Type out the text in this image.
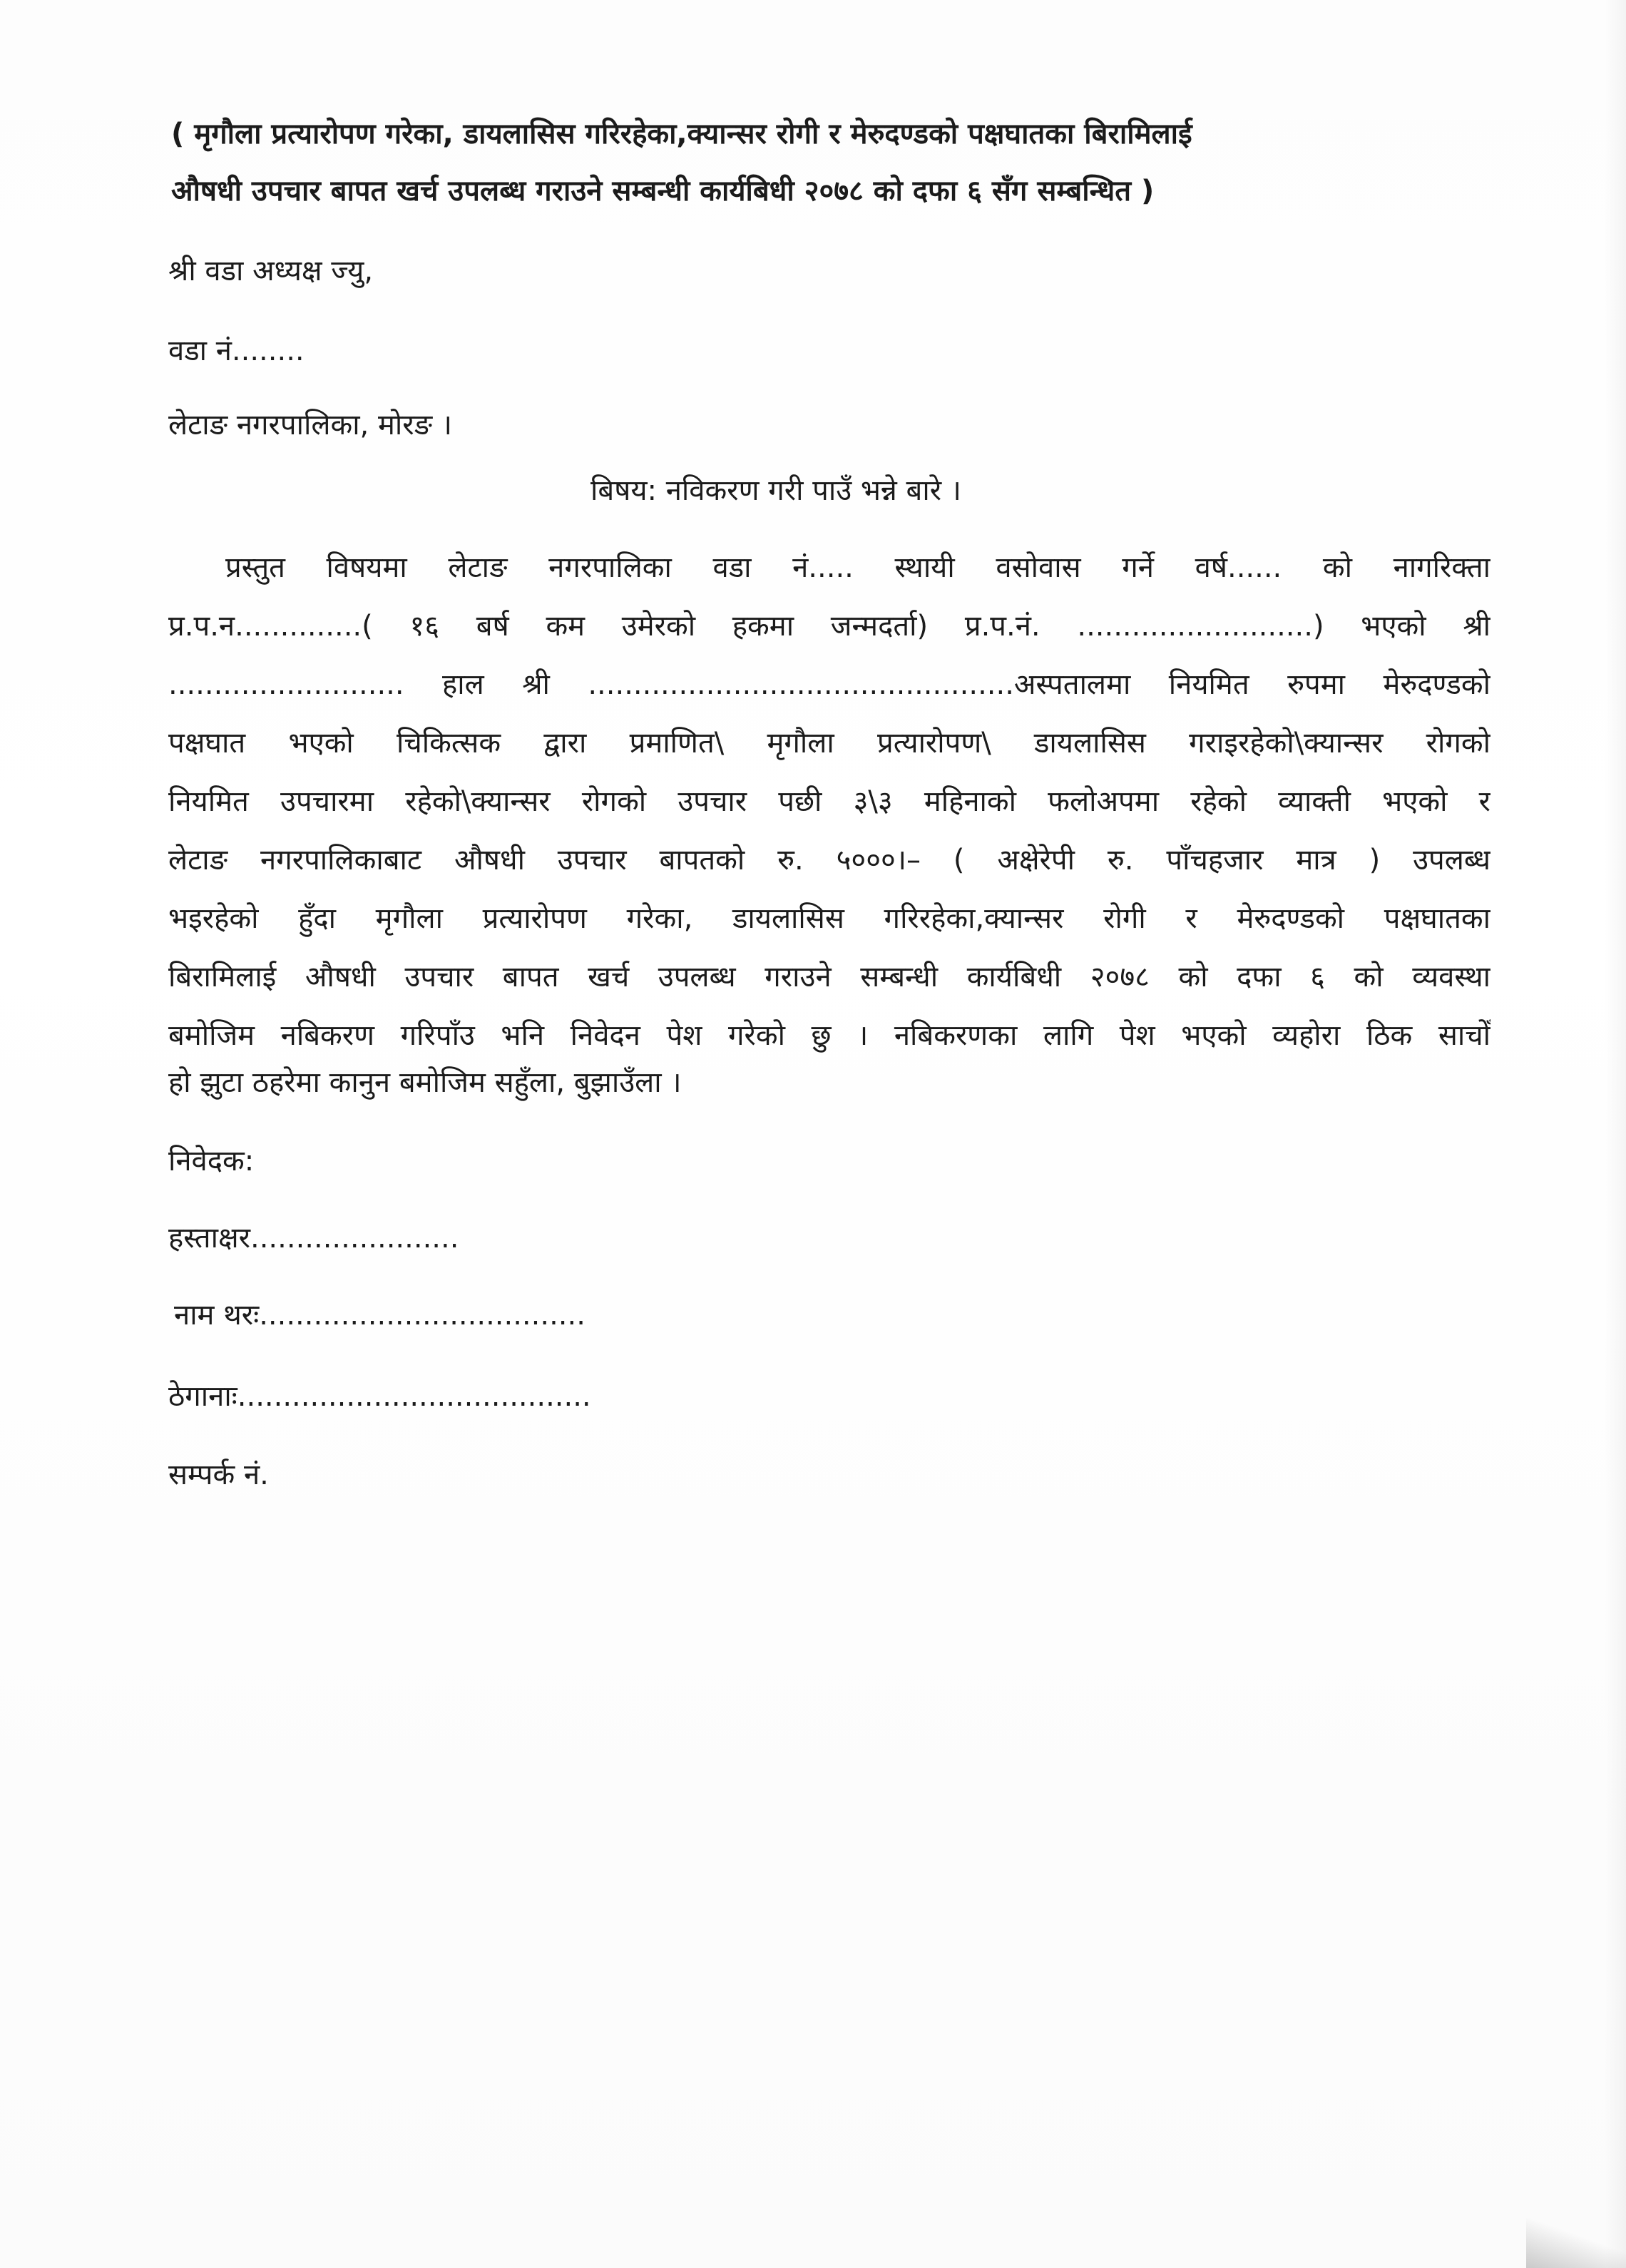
( मृगौला प्रत्यारोपण गरेका, डायलासिस गरिरहेका,क्यान्सर रोगी र मेरुदण्डको पक्षघातका बिरामिलाई
औषधी उपचार बापत खर्च उपलब्ध गराउने सम्बन्धी कार्यबिधी २०७८ को दफा ६ सँग सम्बन्धित )
श्री वडा अध्यक्ष ज्यु,
वडा नं........
लेटाङ नगरपालिका, मोरङ ।
बिषय: नविकरण गरी पाउँ भन्ने बारे ।
प्रस्तुत विषयमा लेटाङ नगरपालिका वडा नं..... स्थायी वसोवास गर्ने वर्ष...... को नागरिक्ता
प्र.प.न..............( १६ बर्ष कम उमेरको हकमा जन्मदर्ता) प्र.प.नं. ..........................) भएको श्री
.......................... हाल श्री ...............................................अस्पतालमा नियमित रुपमा मेरुदण्डको
पक्षघात भएको चिकित्सक द्वारा प्रमाणित\ मृगौला प्रत्यारोपण\ डायलासिस गराइरहेको\क्यान्सर रोगको
नियमित उपचारमा रहेको\क्यान्सर रोगको उपचार पछी ३\३ महिनाको फलोअपमा रहेको व्याक्ती भएको र
लेटाङ नगरपालिकाबाट औषधी उपचार बापतको रु. ५०००।– ( अक्षेरेपी रु. पाँचहजार मात्र ) उपलब्ध
भइरहेको हुँदा मृगौला प्रत्यारोपण गरेका, डायलासिस गरिरहेका,क्यान्सर रोगी र मेरुदण्डको पक्षघातका
बिरामिलाई औषधी उपचार बापत खर्च उपलब्ध गराउने सम्बन्धी कार्यबिधी २०७८ को दफा ६ को व्यवस्था
बमोजिम नबिकरण गरिपाँउ भनि निवेदन पेश गरेको छु । नबिकरणका लागि पेश भएको व्यहोरा ठिक साचोँ
हो झुटा ठहरेमा कानुन बमोजिम सहुँला, बुझाउँला ।
निवेदक:
हस्ताक्षर.......................
नाम थरः....................................
ठेगानाः.......................................
सम्पर्क नं.
